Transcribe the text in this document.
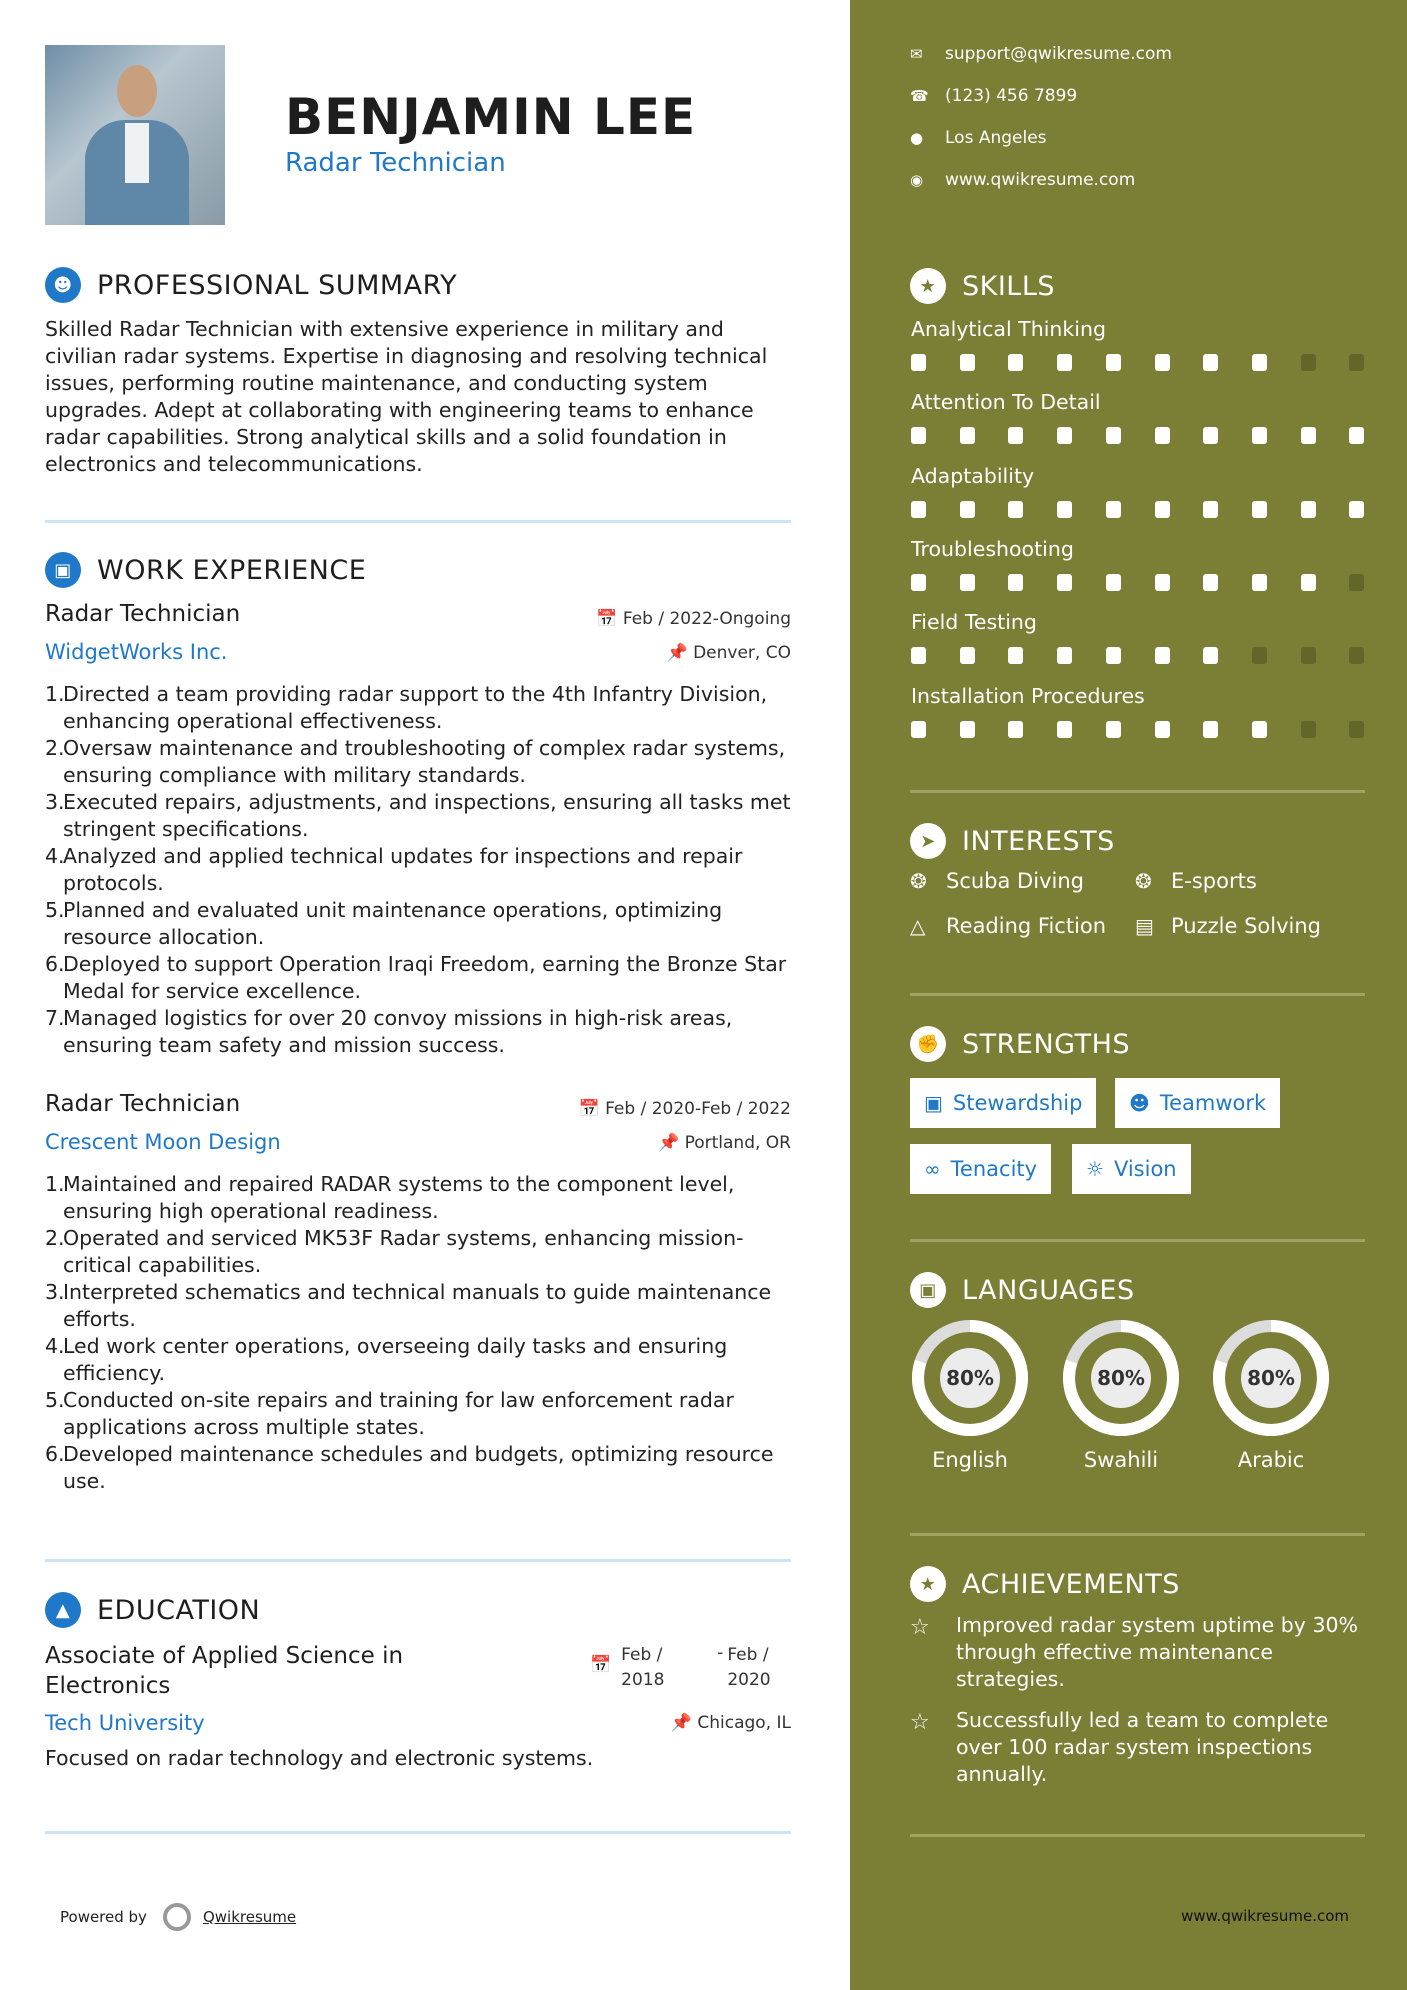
BENJAMIN LEE
Radar Technician
☻ PROFESSIONAL SUMMARY
Skilled Radar Technician with extensive experience in military and civilian radar systems. Expertise in diagnosing and resolving technical issues, performing routine maintenance, and conducting system upgrades. Adept at collaborating with engineering teams to enhance radar capabilities. Strong analytical skills and a solid foundation in electronics and telecommunications.
▣ WORK EXPERIENCE
Radar Technician	📅 Feb / 2022-Ongoing
WidgetWorks Inc.	📌 Denver, CO
1.
Directed a team providing radar support to the 4th Infantry Division, enhancing operational effectiveness.
2.
Oversaw maintenance and troubleshooting of complex radar systems, ensuring compliance with military standards.
3.
Executed repairs, adjustments, and inspections, ensuring all tasks met stringent specifications.
4.
Analyzed and applied technical updates for inspections and repair protocols.
5.
Planned and evaluated unit maintenance operations, optimizing resource allocation.
6.
Deployed to support Operation Iraqi Freedom, earning the Bronze Star Medal for service excellence.
7.
Managed logistics for over 20 convoy missions in high-risk areas, ensuring team safety and mission success.
Radar Technician	📅 Feb / 2020-Feb / 2022
Crescent Moon Design	📌 Portland, OR
1.
Maintained and repaired RADAR systems to the component level, ensuring high operational readiness.
2.
Operated and serviced MK53F Radar systems, enhancing mission-critical capabilities.
3.
Interpreted schematics and technical manuals to guide maintenance efforts.
4.
Led work center operations, overseeing daily tasks and ensuring efficiency.
5.
Conducted on-site repairs and training for law enforcement radar applications across multiple states.
6.
Developed maintenance schedules and budgets, optimizing resource use.
▲ EDUCATION
Associate of Applied Science in Electronics
📅 Feb / 2018
- Feb / 2020
Tech University	📌 Chicago, IL
Focused on radar technology and electronic systems.
Powered by	Qwikresume
✉	support@qwikresume.com
☎ (123) 456 7899
●	Los Angeles
◉	www.qwikresume.com
★ SKILLS
Analytical Thinking
Attention To Detail
Adaptability
Troubleshooting
Field Testing
Installation Procedures
➤ INTERESTS
❂ Scuba Diving	❂ E-sports
△ Reading Fiction ▤ Puzzle Solving
✊ STRENGTHS
▣ Stewardship ☻ Teamwork
∞ Tenacity ☼ Vision
▣ LANGUAGES
80%
English
80%
Swahili
80%
Arabic
★ ACHIEVEMENTS
☆	Improved radar system uptime by 30% through effective maintenance strategies.
☆	Successfully led a team to complete over 100 radar system inspections annually.
www.qwikresume.com
